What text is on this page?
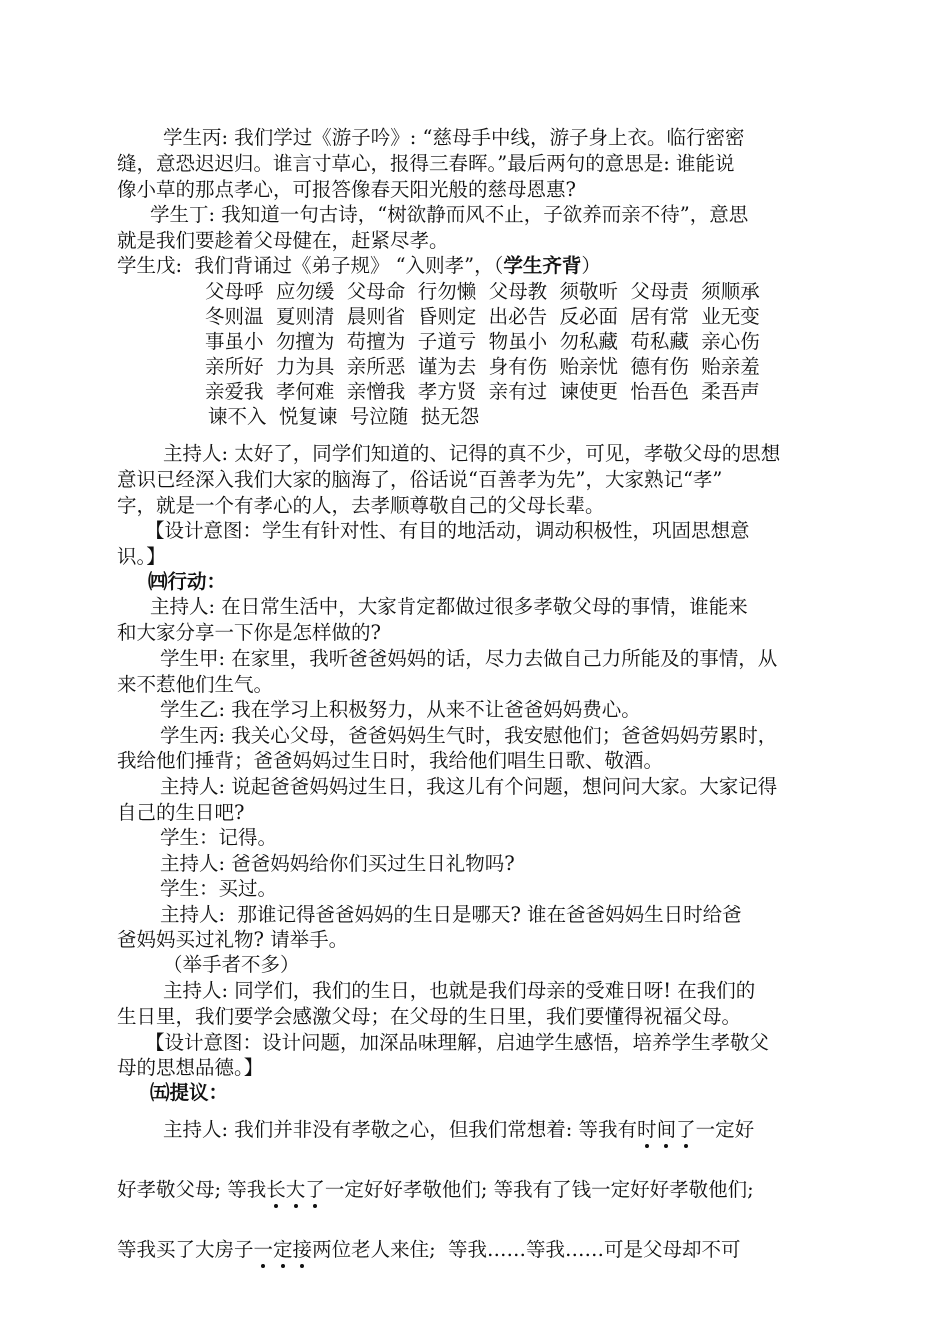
学生丙: 我们学过《游子吟》: “慈母手中线，游子身上衣。临行密密
缝，意恐迟迟归。谁言寸草心，报得三春晖。”最后两句的意思是: 谁能说
像小草的那点孝心，可报答像春天阳光般的慈母恩惠?
学生丁: 我知道一句古诗，“树欲静而风不止，子欲养而亲不待”，意思
就是我们要趁着父母健在，赶紧尽孝。
学生戊:  我们背诵过《弟子规》 “入则孝”，（学生齐背）
父母呼  应勿缓  父母命  行勿懒  父母教  须敬听  父母责  须顺承
冬则温  夏则清  晨则省  昏则定  出必告  反必面  居有常  业无变
事虽小  勿擅为  苟擅为  子道亏  物虽小  勿私藏  苟私藏  亲心伤
亲所好  力为具  亲所恶  谨为去  身有伤  贻亲忧  德有伤  贻亲羞
亲爱我  孝何难  亲憎我  孝方贤  亲有过  谏使更  怡吾色  柔吾声
谏不入  悦复谏  号泣随  挞无怨
主持人: 太好了，同学们知道的、记得的真不少，可见，孝敬父母的思想
意识已经深入我们大家的脑海了，俗话说“百善孝为先”，大家熟记“孝”
字，就是一个有孝心的人，去孝顺尊敬自己的父母长辈。
【设计意图：学生有针对性、有目的地活动，调动积极性，巩固思想意
识。】
㈣行动：
主持人: 在日常生活中，大家肯定都做过很多孝敬父母的事情，谁能来
和大家分享一下你是怎样做的?
学生甲: 在家里，我听爸爸妈妈的话，尽力去做自己力所能及的事情，从
来不惹他们生气。
学生乙: 我在学习上积极努力，从来不让爸爸妈妈费心。
学生丙: 我关心父母，爸爸妈妈生气时，我安慰他们；爸爸妈妈劳累时，
我给他们捶背；爸爸妈妈过生日时，我给他们唱生日歌、敬酒。
主持人: 说起爸爸妈妈过生日，我这儿有个问题，想问问大家。大家记得
自己的生日吧?
学生：记得。
主持人: 爸爸妈妈给你们买过生日礼物吗?
学生：买过。
主持人:  那谁记得爸爸妈妈的生日是哪天? 谁在爸爸妈妈生日时给爸
爸妈妈买过礼物? 请举手。
（举手者不多）
主持人: 同学们，我们的生日，也就是我们母亲的受难日呀! 在我们的
生日里，我们要学会感激父母；在父母的生日里，我们要懂得祝福父母。
【设计意图：设计问题，加深品味理解，启迪学生感悟，培养学生孝敬父
母的思想品德。】
㈤提议：
主持人: 我们并非没有孝敬之心，但我们常想着: 等我有时间了一定好
好孝敬父母; 等我长大了一定好好孝敬他们; 等我有了钱一定好好孝敬他们;
等我买了大房子一定接两位老人来住;  等我……等我……可是父母却不可
